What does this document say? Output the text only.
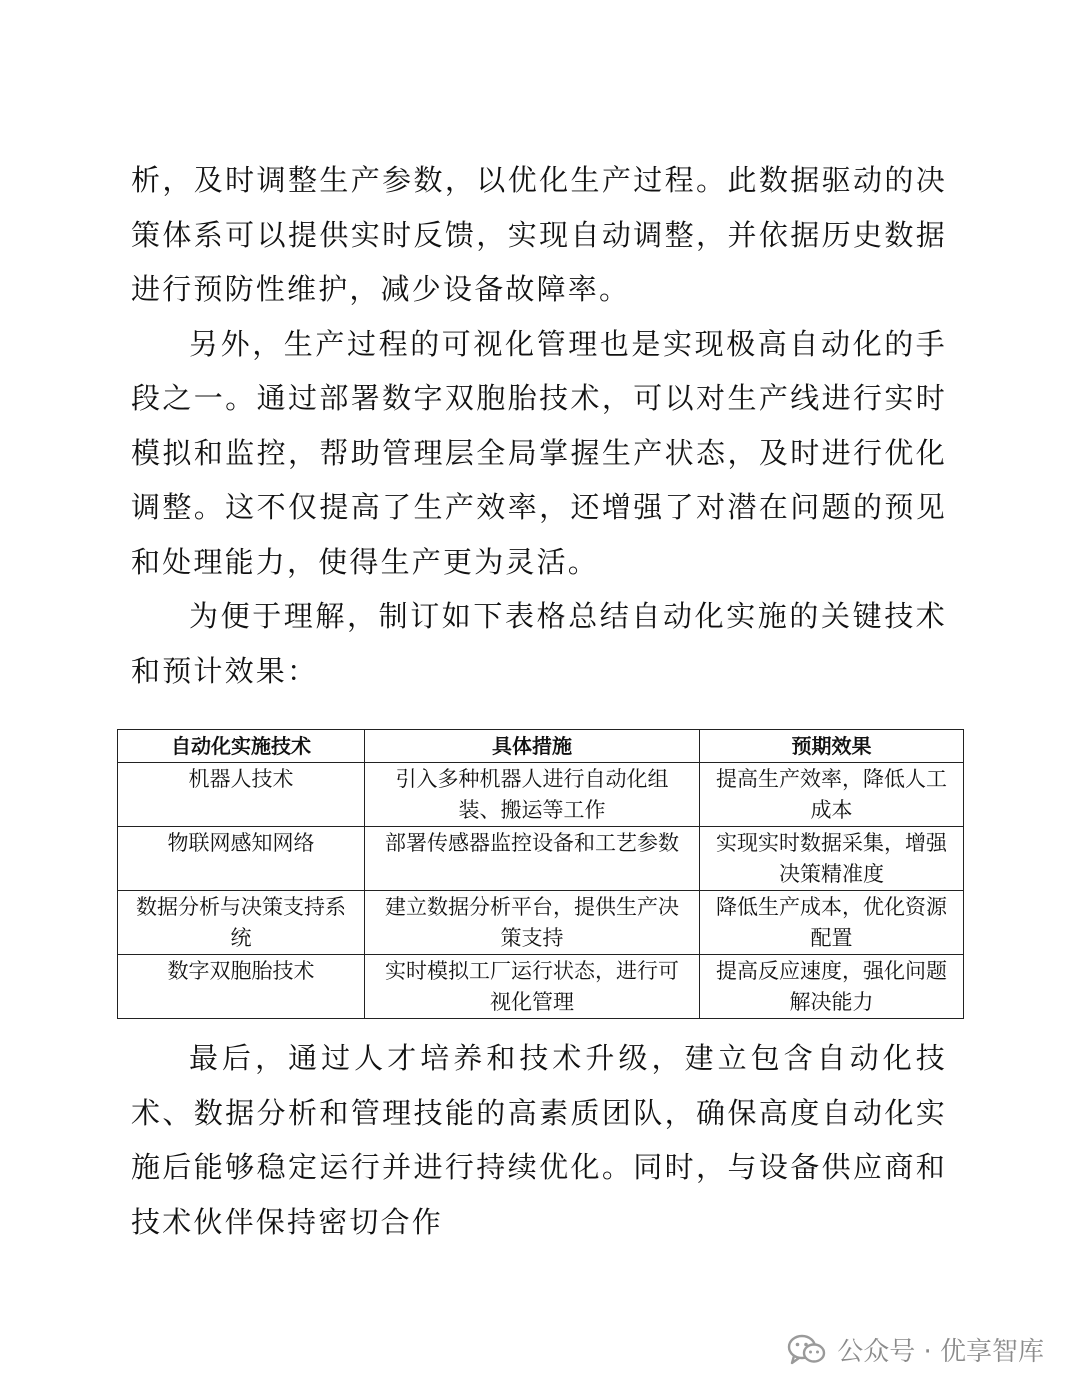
析，及时调整生产参数，以优化生产过程。此数据驱动的决策体系可以提供实时反馈，实现自动调整，并依据历史数据进行预防性维护，减少设备故障率。

另外，生产过程的可视化管理也是实现极高自动化的手段之一。通过部署数字双胞胎技术，可以对生产线进行实时模拟和监控，帮助管理层全局掌握生产状态，及时进行优化调整。这不仅提高了生产效率，还增强了对潜在问题的预见和处理能力，使得生产更为灵活。

为便于理解，制订如下表格总结自动化实施的关键技术和预计效果：

自动化实施技术	具体措施	预期效果
机器人技术	引入多种机器人进行自动化组装、搬运等工作	提高生产效率，降低人工成本
物联网感知网络	部署传感器监控设备和工艺参数	实现实时数据采集，增强决策精准度
数据分析与决策支持系统	建立数据分析平台，提供生产决策支持	降低生产成本，优化资源配置
数字双胞胎技术	实时模拟工厂运行状态，进行可视化管理	提高反应速度，强化问题解决能力

最后，通过人才培养和技术升级，建立包含自动化技术、数据分析和管理技能的高素质团队，确保高度自动化实施后能够稳定运行并进行持续优化。同时，与设备供应商和技术伙伴保持密切合作

公众号 · 优享智库
